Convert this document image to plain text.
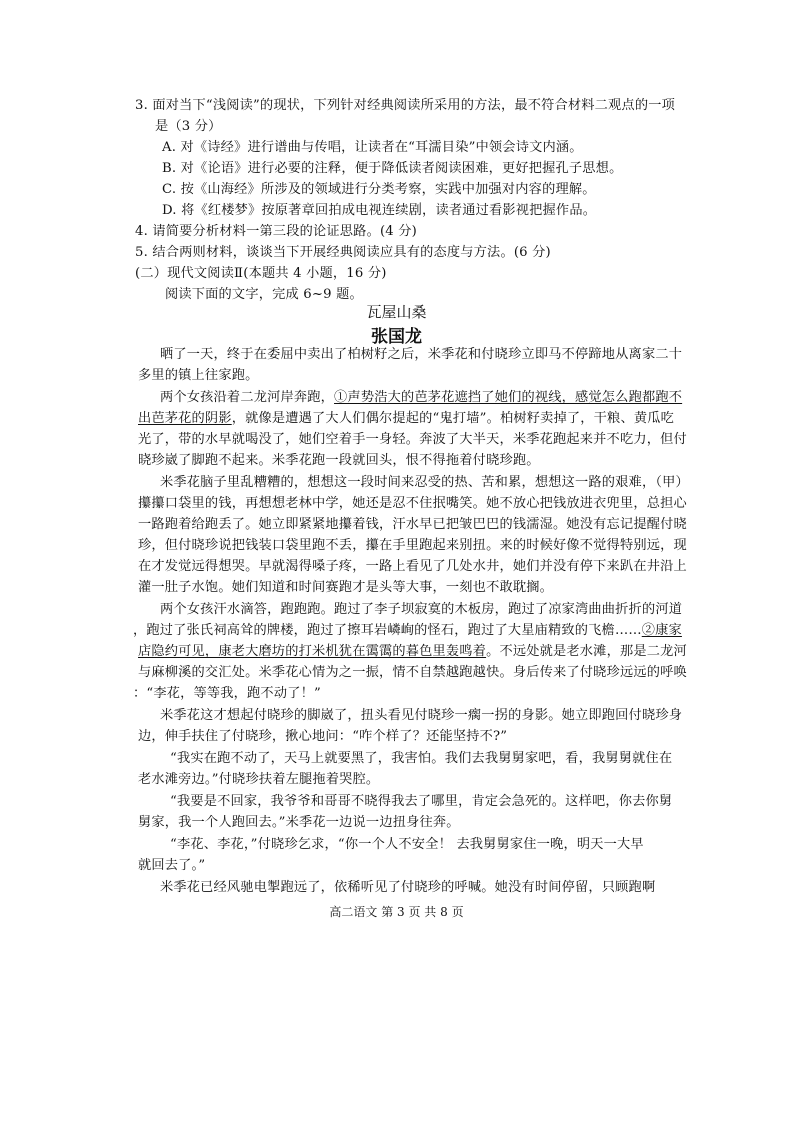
3. 面对当下“浅阅读”的现状，下列针对经典阅读所采用的方法，最不符合材料二观点的一项
是（3 分）
A. 对《诗经》进行谱曲与传唱，让读者在“耳濡目染”中领会诗文内涵。
B. 对《论语》进行必要的注释，便于降低读者阅读困难，更好把握孔子思想。
C. 按《山海经》所涉及的领域进行分类考察，实践中加强对内容的理解。
D. 将《红楼梦》按原著章回拍成电视连续剧，读者通过看影视把握作品。
4. 请简要分析材料一第三段的论证思路。(4 分)
5. 结合两则材料，谈谈当下开展经典阅读应具有的态度与方法。(6 分)
(二）现代文阅读Ⅱ(本题共 4 小题，16 分)
阅读下面的文字，完成 6~9 题。
瓦屋山桑
张国龙
晒了一天，终于在委屈中卖出了柏树籽之后，米季花和付晓珍立即马不停蹄地从离家二十
多里的镇上往家跑。
两个女孩沿着二龙河岸奔跑，①声势浩大的芭茅花遮挡了她们的视线，感觉怎么跑都跑不
出芭茅花的阴影，就像是遭遇了大人们偶尔提起的“鬼打墙”。柏树籽卖掉了，干粮、黄瓜吃
光了，带的水早就喝没了，她们空着手一身轻。奔波了大半天，米季花跑起来并不吃力，但付
晓珍崴了脚跑不起来。米季花跑一段就回头，恨不得拖着付晓珍跑。
米季花脑子里乱糟糟的，想想这一段时间来忍受的热、苦和累，想想这一路的艰难，（甲）
攥攥口袋里的钱，再想想老林中学，她还是忍不住抿嘴笑。她不放心把钱放进衣兜里，总担心
一路跑着给跑丢了。她立即紧紧地攥着钱，汗水早已把皱巴巴的钱濡湿。她没有忘记提醒付晓
珍，但付晓珍说把钱装口袋里跑不丢，攥在手里跑起来别扭。来的时候好像不觉得特别远，现
在才发觉远得想哭。早就渴得嗓子疼，一路上看见了几处水井，她们并没有停下来趴在井沿上
灌一肚子水饱。她们知道和时间赛跑才是头等大事，一刻也不敢耽搁。
两个女孩汗水滴答，跑跑跑。跑过了李子坝寂寞的木板房，跑过了凉家湾曲曲折折的河道
，跑过了张氏祠高耸的牌楼，跑过了擦耳岩嶙峋的怪石，跑过了大星庙精致的飞檐……②康家
店隐约可见，康老大磨坊的打米机犹在霭霭的暮色里轰鸣着。不远处就是老水滩，那是二龙河
与麻柳溪的交汇处。米季花心情为之一振，情不自禁越跑越快。身后传来了付晓珍远远的呼唤
：“李花，等等我，跑不动了！”
米季花这才想起付晓珍的脚崴了，扭头看见付晓珍一瘸一拐的身影。她立即跑回付晓珍身
边，伸手扶住了付晓珍，揪心地问：“咋个样了？还能坚持不?”
“我实在跑不动了，天马上就要黑了，我害怕。我们去我舅舅家吧，看，我舅舅就住在
老水滩旁边。”付晓珍扶着左腿拖着哭腔。
“我要是不回家，我爷爷和哥哥不晓得我去了哪里，肯定会急死的。这样吧，你去你舅
舅家，我一个人跑回去。”米季花一边说一边扭身往奔。
“李花、李花，”付晓珍乞求，“你一个人不安全！ 去我舅舅家住一晚，明天一大早
就回去了。”
米季花已经风驰电掣跑远了，依稀听见了付晓珍的呼喊。她没有时间停留，只顾跑啊
高二语文 第 3 页 共 8 页
